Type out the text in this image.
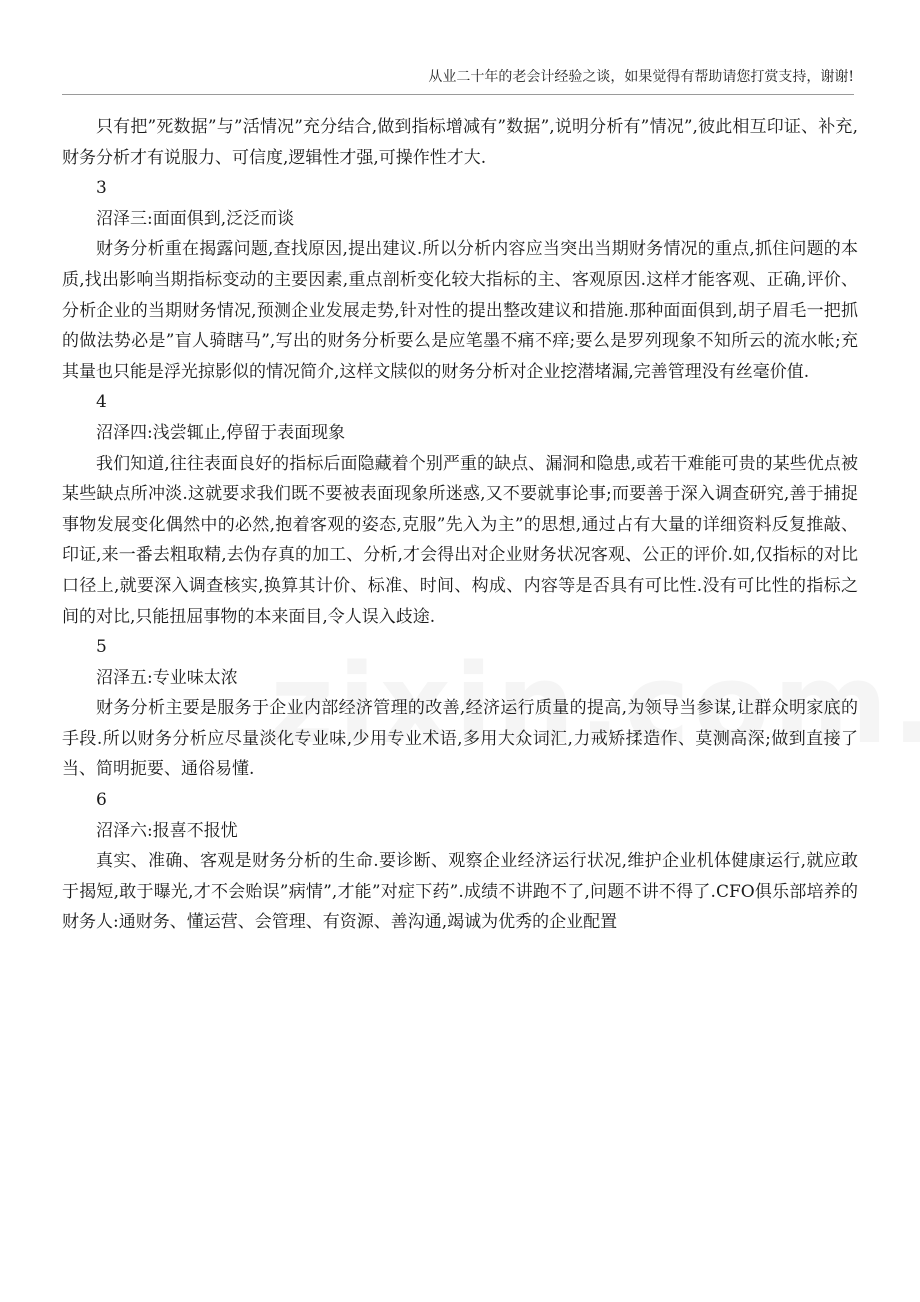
从业二十年的老会计经验之谈，如果觉得有帮助请您打赏支持，谢谢!

只有把”死数据”与”活情况”充分结合,做到指标增减有”数据”,说明分析有”情况”,彼此相互印证、补充,财务分析才有说服力、可信度,逻辑性才强,可操作性才大.

3

沼泽三:面面俱到,泛泛而谈

财务分析重在揭露问题,查找原因,提出建议.所以分析内容应当突出当期财务情况的重点,抓住问题的本质,找出影响当期指标变动的主要因素,重点剖析变化较大指标的主、客观原因.这样才能客观、正确,评价、分析企业的当期财务情况,预测企业发展走势,针对性的提出整改建议和措施.那种面面俱到,胡子眉毛一把抓的做法势必是”盲人骑瞎马”,写出的财务分析要么是应笔墨不痛不痒;要么是罗列现象不知所云的流水帐;充其量也只能是浮光掠影似的情况简介,这样文牍似的财务分析对企业挖潜堵漏,完善管理没有丝毫价值.

4

沼泽四:浅尝辄止,停留于表面现象

我们知道,往往表面良好的指标后面隐藏着个别严重的缺点、漏洞和隐患,或若干难能可贵的某些优点被某些缺点所冲淡.这就要求我们既不要被表面现象所迷惑,又不要就事论事;而要善于深入调查研究,善于捕捉事物发展变化偶然中的必然,抱着客观的姿态,克服”先入为主”的思想,通过占有大量的详细资料反复推敲、印证,来一番去粗取精,去伪存真的加工、分析,才会得出对企业财务状况客观、公正的评价.如,仅指标的对比口径上,就要深入调查核实,换算其计价、标准、时间、构成、内容等是否具有可比性.没有可比性的指标之间的对比,只能扭屈事物的本来面目,令人误入歧途.

5

沼泽五:专业味太浓

财务分析主要是服务于企业内部经济管理的改善,经济运行质量的提高,为领导当参谋,让群众明家底的手段.所以财务分析应尽量淡化专业味,少用专业术语,多用大众词汇,力戒矫揉造作、莫测高深;做到直接了当、简明扼要、通俗易懂.

6

沼泽六:报喜不报忧

真实、准确、客观是财务分析的生命.要诊断、观察企业经济运行状况,维护企业机体健康运行,就应敢于揭短,敢于曝光,才不会贻误”病情”,才能”对症下药”.成绩不讲跑不了,问题不讲不得了.CFO俱乐部培养的财务人:通财务、懂运营、会管理、有资源、善沟通,竭诚为优秀的企业配置
